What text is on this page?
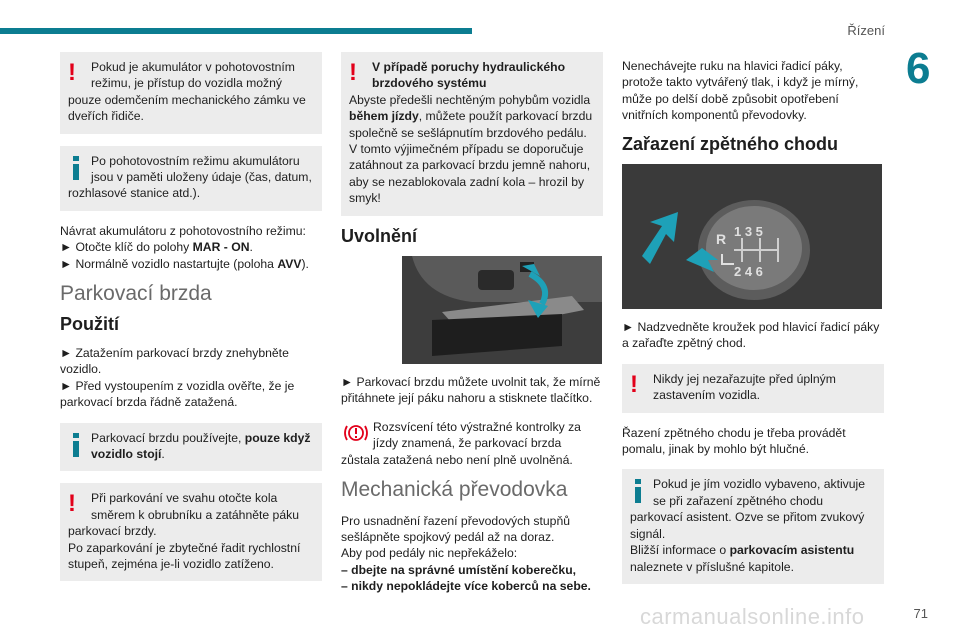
Řízení
6
!	Pokud je akumulátor v pohotovostním režimu, je přístup do vozidla možný

pouze odemčením mechanického zámku ve dveřích řidiče.

Po pohotovostním režimu akumulátoru jsou v paměti uloženy údaje (čas, datum,

rozhlasové stanice atd.).

Návrat akumulátoru z pohotovostního režimu:

► Otočte klíč do polohy MAR - ON.

► Normálně vozidlo nastartujte (poloha AVV).

Parkovací brzda
Použití

► Zatažením parkovací brzdy znehybněte vozidlo.

► Před vystoupením z vozidla ověřte, že je parkovací brzda řádně zatažená.

Parkovací brzdu používejte, pouze když vozidlo stojí.

!	Při parkování ve svahu otočte kola směrem k obrubníku a zatáhněte páku

parkovací brzdy.

Po zaparkování je zbytečné řadit rychlostní stupeň, zejména je-li vozidlo zatíženo.

!	V případě poruchy hydraulického brzdového systému

Abyste předešli nechtěným pohybům vozidla během jízdy, můžete použít parkovací brzdu společně se sešlápnutím brzdového pedálu.

V tomto výjimečném případu se doporučuje zatáhnout za parkovací brzdu jemně nahoru, aby se nezablokovala zadní kola – hrozil by smyk!

Uvolnění

► Parkovací brzdu můžete uvolnit tak, že mírně přitáhnete její páku nahoru a stisknete tlačítko.

Rozsvícení této výstražné kontrolky za jízdy znamená, že parkovací brzda

zůstala zatažená nebo není plně uvolněná.

Mechanická převodovka

Pro usnadnění řazení převodových stupňů sešlápněte spojkový pedál až na doraz.

Aby pod pedály nic nepřekáželo:

– dbejte na správné umístění koberečku,

– nikdy nepokládejte více koberců na sebe.

Nenechávejte ruku na hlavici řadicí páky, protože takto vytvářený tlak, i když je mírný, může po delší době způsobit opotřebení vnitřních komponentů převodovky.

Zařazení zpětného chodu
R 1 3 5
2 4 6

► Nadzvedněte kroužek pod hlavicí řadicí páky a zařaďte zpětný chod.

!	Nikdy jej nezařazujte před úplným

zastavením vozidla.

Řazení zpětného chodu je třeba provádět pomalu, jinak by mohlo být hlučné.

Pokud je jím vozidlo vybaveno, aktivuje se při zařazení zpětného chodu

parkovací asistent. Ozve se přitom zvukový signál.

Bližší informace o parkovacím asistentu naleznete v příslušné kapitole.

71
carmanualsonline.info
